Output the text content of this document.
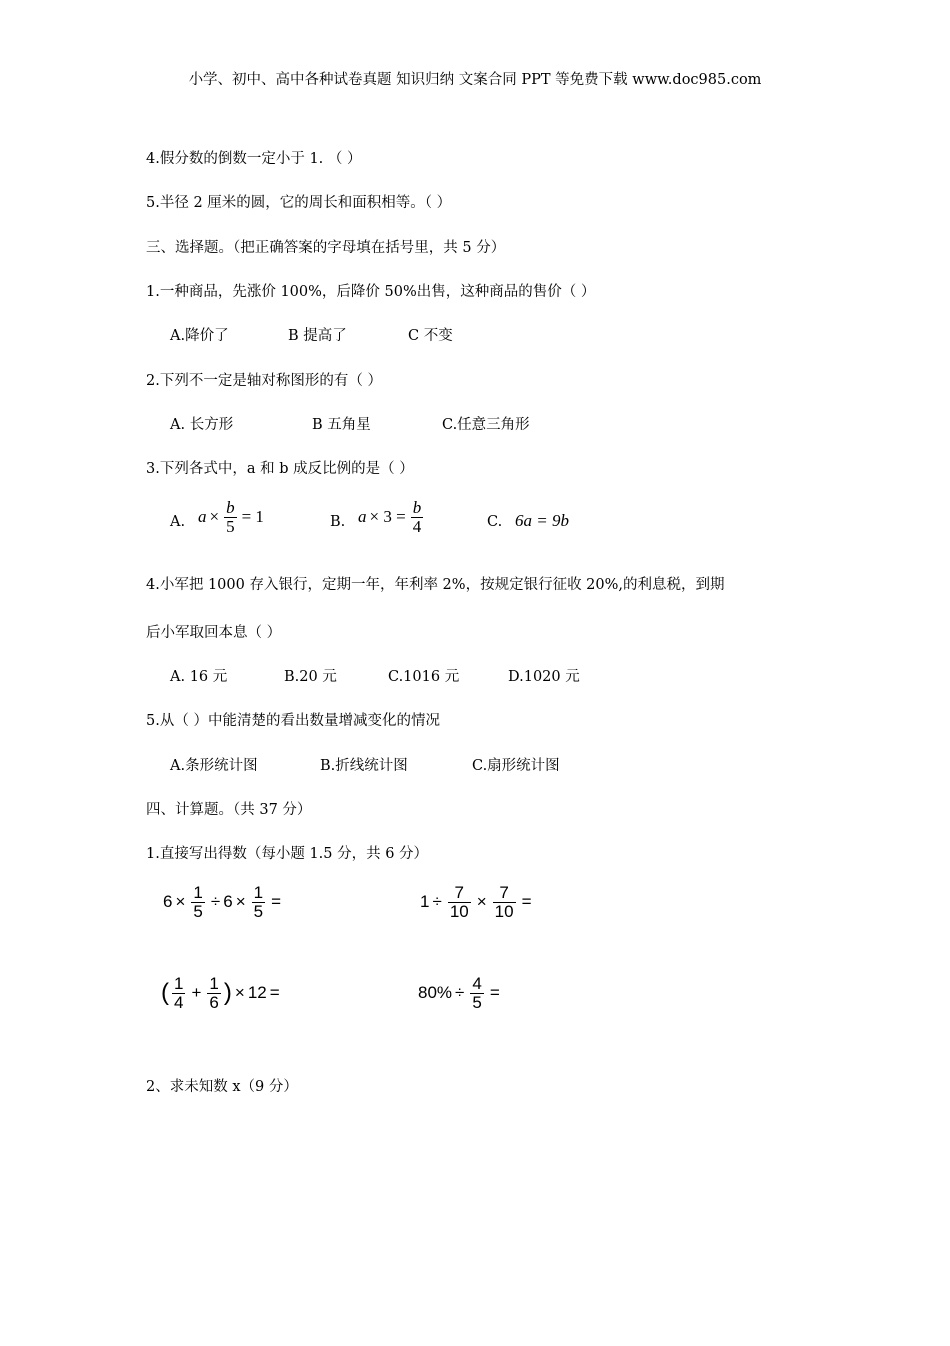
小学、初中、高中各种试卷真题 知识归纳 文案合同 PPT 等免费下载 www.doc985.com
4.假分数的倒数一定小于 1. （ ）
5.半径 2 厘米的圆，它的周长和面积相等。（ ）
三、选择题。（把正确答案的字母填在括号里，共 5 分）
1.一种商品，先涨价 100%，后降价 50%出售，这种商品的售价（ ）
A.降价了	B 提高了	C 不变
2.下列不一定是轴对称图形的有（ ）
A. 长方形	B 五角星	C.任意三角形
3.下列各式中，a 和 b 成反比例的是（ ）
A. $a \times \frac{b}{5} = 1$	B. $a \times 3 = \frac{b}{4}$	C. 6a = 9b
4.小军把 1000 存入银行，定期一年，年利率 2%，按规定银行征收 20%,的利息税，到期
后小军取回本息（ ）
A. 16 元	B.20 元	C.1016 元	D.1020 元
5.从（ ）中能清楚的看出数量增减变化的情况
A.条形统计图	B.折线统计图	C.扇形统计图
四、计算题。（共 37 分）
1.直接写出得数（每小题 1.5 分，共 6 分）
$6 \times \frac{1}{5} \div 6 \times \frac{1}{5}$ =	$1 \div \frac{7}{10} \times \frac{7}{10}$ =
( $\frac{1}{4} + \frac{1}{6}$ ) × 12 =	$80\% \div \frac{4}{5}$ =
2、求未知数 x（9 分）
